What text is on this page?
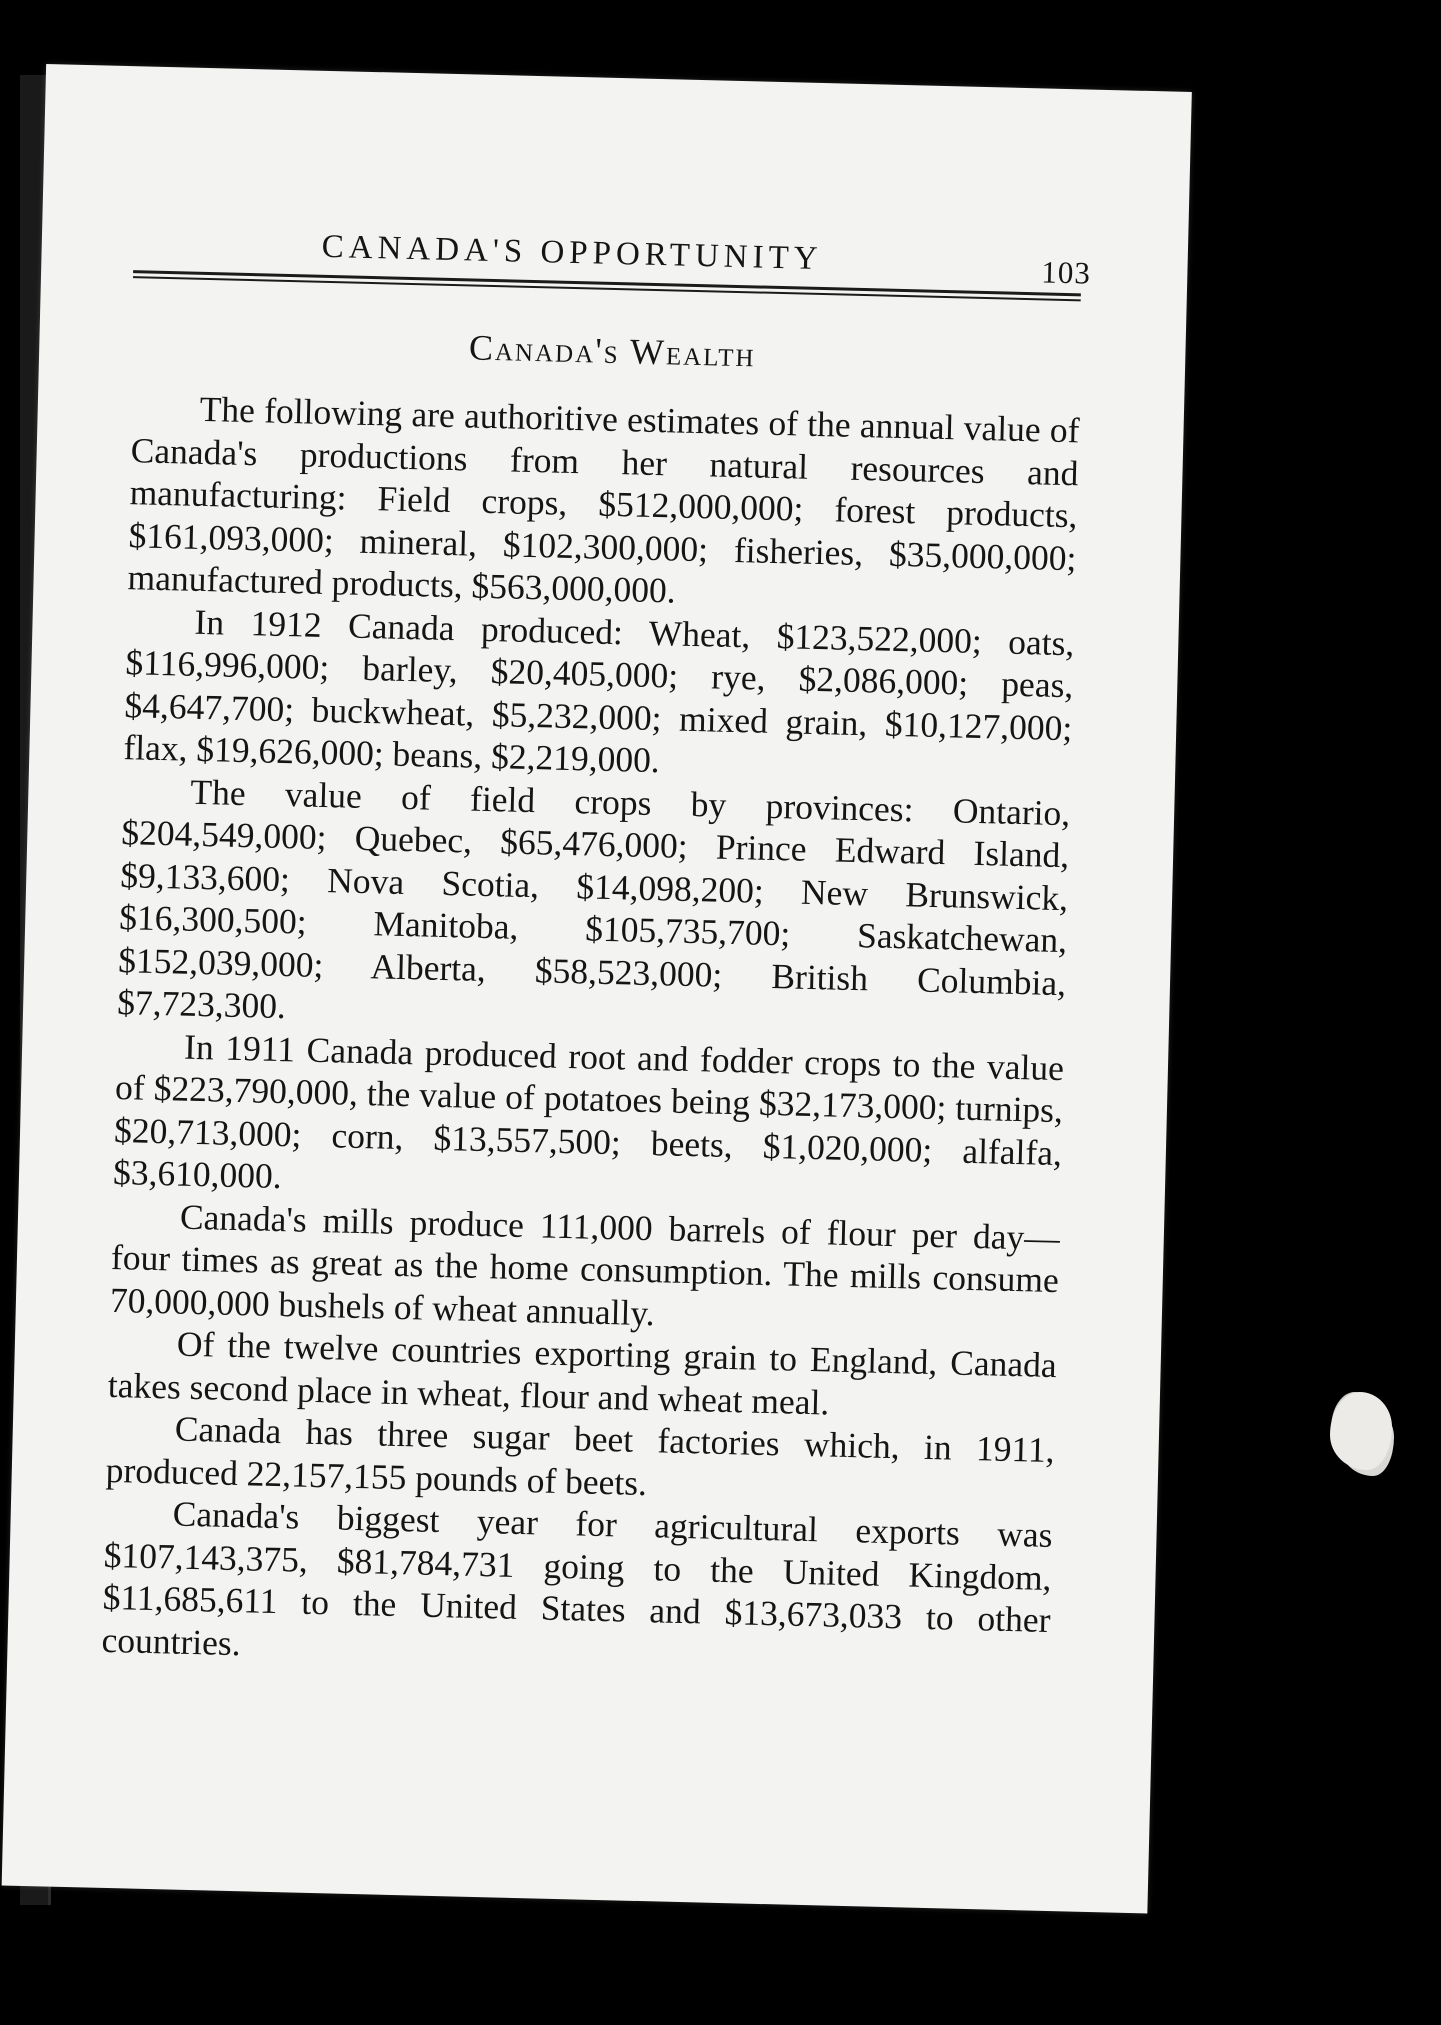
CANADA'S OPPORTUNITY	103
Canada's Wealth

The following are authoritive estimates of the annual value of Canada's productions from her natural resources and manufacturing: Field crops, $512,000,000; forest products, $161,093,000; mineral, $102,300,000; fisheries, $35,000,000; manufactured products, $563,000,000.

In 1912 Canada produced: Wheat, $123,522,000; oats, $116,996,000; barley, $20,405,000; rye, $2,086,000; peas, $4,647,700; buckwheat, $5,232,000; mixed grain, $10,127,000; flax, $19,626,000; beans, $2,219,000.

The value of field crops by provinces: Ontario, $204,549,000; Quebec, $65,476,000; Prince Edward Island, $9,133,600; Nova Scotia, $14,098,200; New Brunswick, $16,300,500; Manitoba, $105,735,700; Saskatchewan, $152,039,000; Alberta, $58,523,000; British Columbia, $7,723,300.

In 1911 Canada produced root and fodder crops to the value of $223,790,000, the value of potatoes being $32,173,000; turnips, $20,713,000; corn, $13,557,500; beets, $1,020,000; alfalfa, $3,610,000.

Canada's mills produce 111,000 barrels of flour per day—four times as great as the home consumption. The mills consume 70,000,000 bushels of wheat annually.

Of the twelve countries exporting grain to England, Canada takes second place in wheat, flour and wheat meal.

Canada has three sugar beet factories which, in 1911, produced 22,157,155 pounds of beets.

Canada's biggest year for agricultural exports was $107,143,375, $81,784,731 going to the United Kingdom, $11,685,611 to the United States and $13,673,033 to other countries.
